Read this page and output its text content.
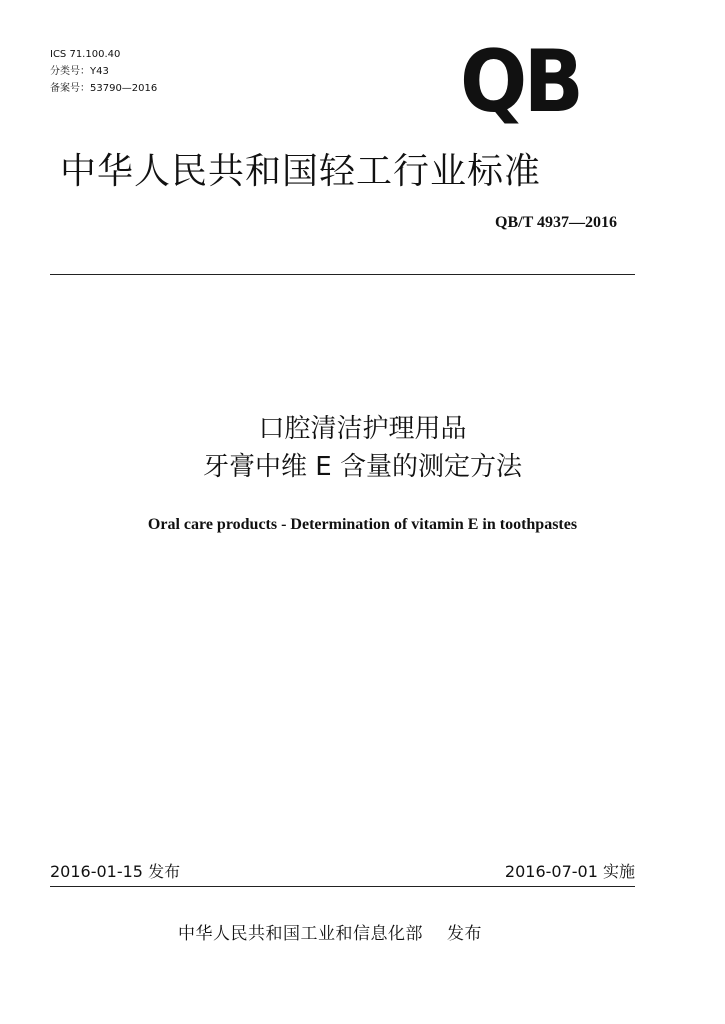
ICS 71.100.40
分类号：Y43
备案号：53790—2016	QB
中华人民共和国轻工行业标准
QB/T 4937—2016
口腔清洁护理用品
牙膏中维 E 含量的测定方法
Oral care products - Determination of vitamin E in toothpastes
2016-01-15 发布	2016-07-01 实施
中华人民共和国工业和信息化部 发布
